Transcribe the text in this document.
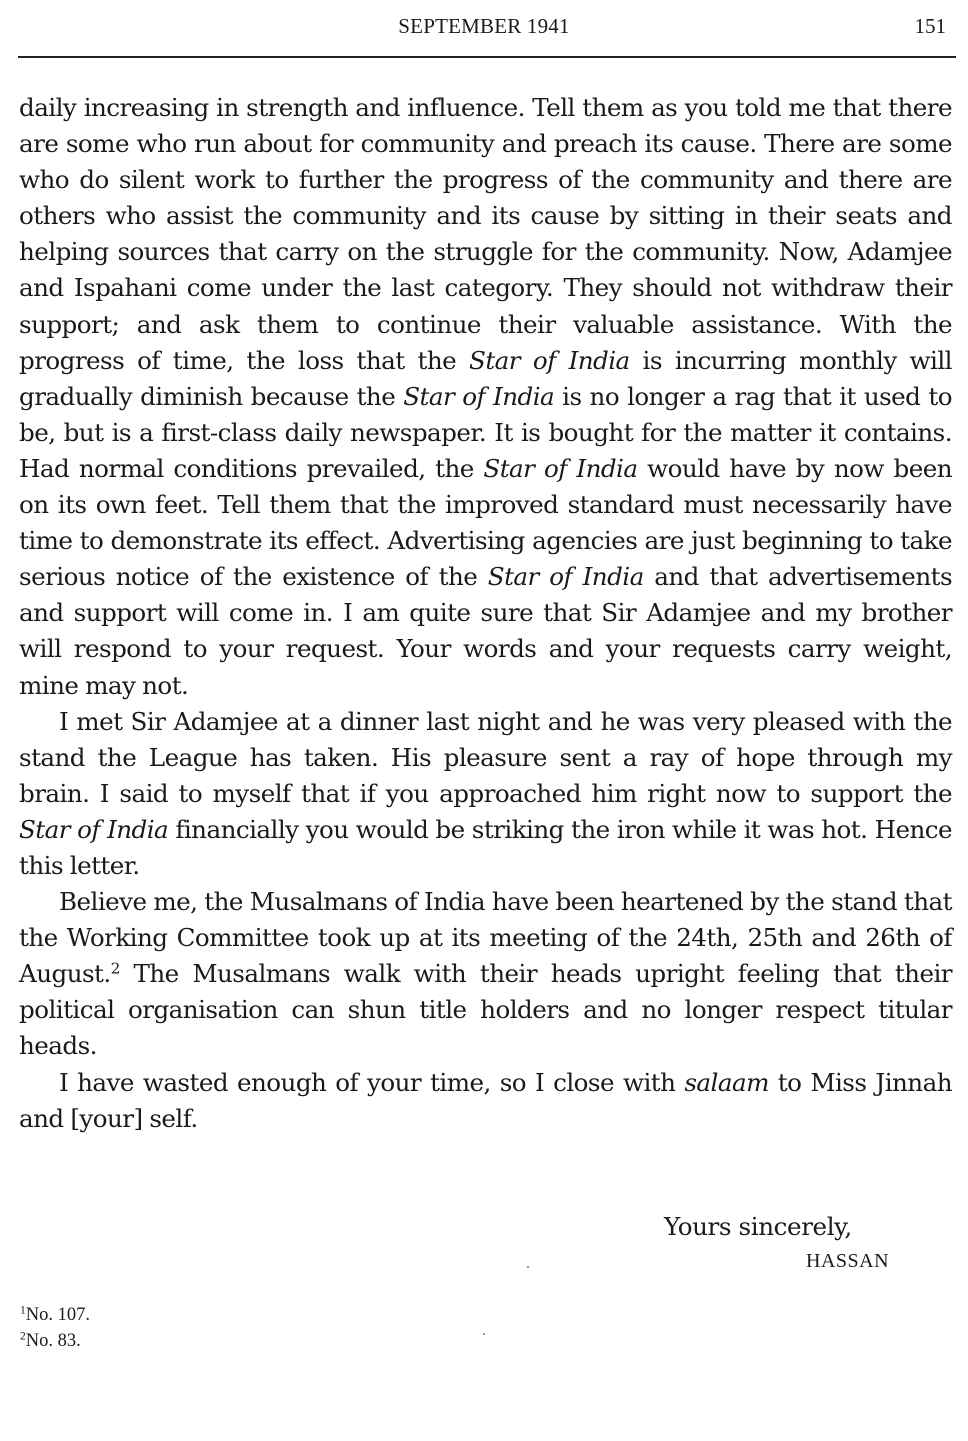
SEPTEMBER 1941	151

daily increasing in strength and influence. Tell them as you told me that there are some who run about for community and preach its cause. There are some who do silent work to further the progress of the community and there are others who assist the community and its cause by sitting in their seats and helping sources that carry on the struggle for the community. Now, Adamjee and Ispahani come under the last category. They should not withdraw their support; and ask them to continue their valuable assistance. With the progress of time, the loss that the Star of India is incurring monthly will gradually diminish because the Star of India is no longer a rag that it used to be, but is a first-class daily newspaper. It is bought for the matter it contains. Had normal conditions prevailed, the Star of India would have by now been on its own feet. Tell them that the improved standard must necessarily have time to demonstrate its effect. Advertising agencies are just beginning to take serious notice of the existence of the Star of India and that advertisements and support will come in. I am quite sure that Sir Adamjee and my brother will respond to your request. Your words and your requests carry weight, mine may not.

I met Sir Adamjee at a dinner last night and he was very pleased with the stand the League has taken. His pleasure sent a ray of hope through my brain. I said to myself that if you approached him right now to support the Star of India financially you would be striking the iron while it was hot. Hence this letter.

Believe me, the Musalmans of India have been heartened by the stand that the Working Committee took up at its meeting of the 24th, 25th and 26th of August.$^2$ The Musalmans walk with their heads upright feeling that their political organisation can shun title holders and no longer respect titular heads.

I have wasted enough of your time, so I close with salaam to Miss Jinnah and [your] self.

Yours sincerely,
HASSAN
$^1$No. 107.
$^2$No. 83.
